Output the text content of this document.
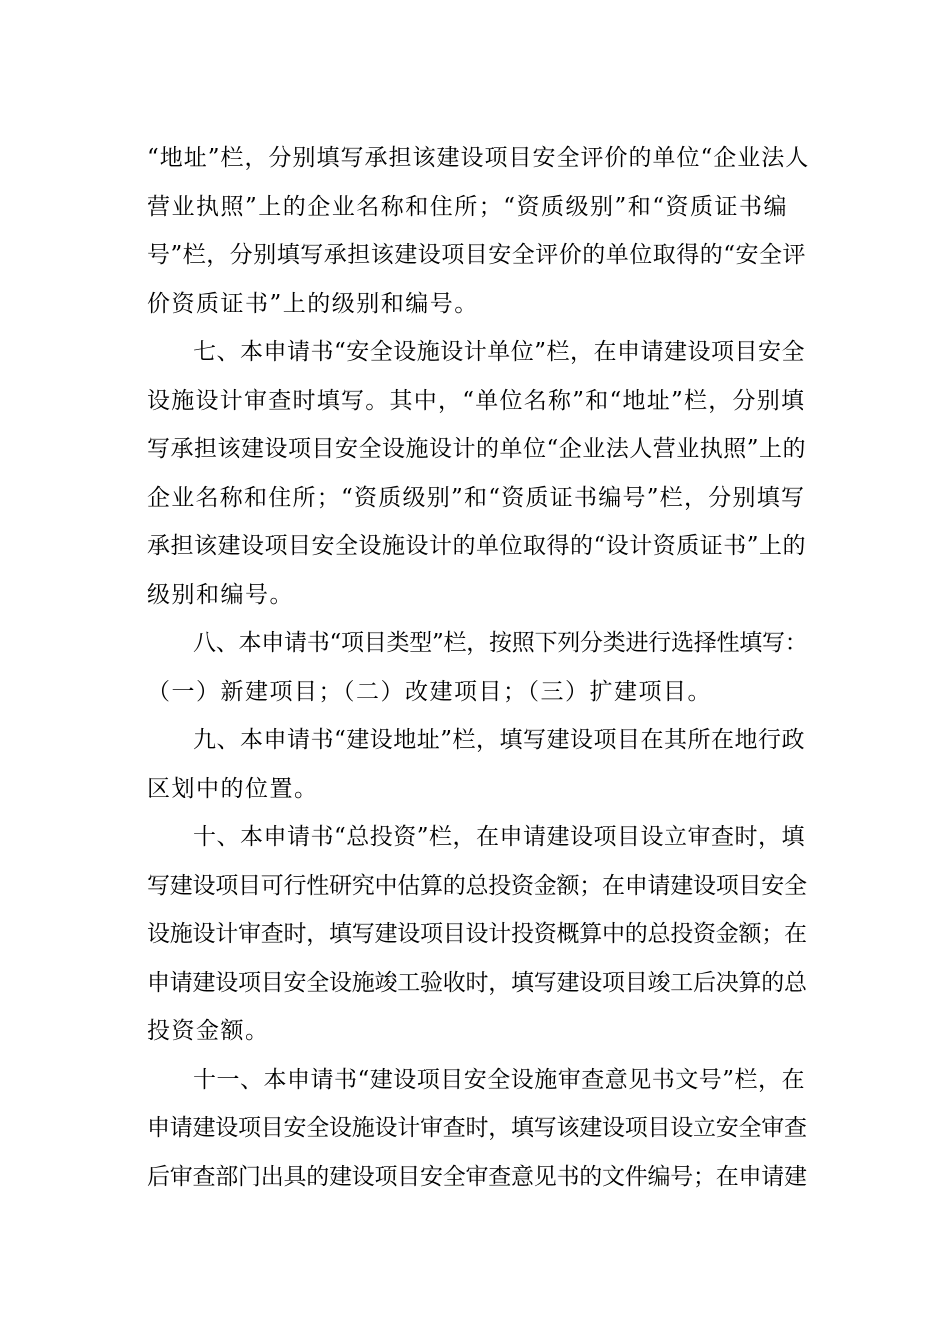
“地址”栏，分别填写承担该建设项目安全评价的单位“企业法人
营业执照”上的企业名称和住所；“资质级别”和“资质证书编
号”栏，分别填写承担该建设项目安全评价的单位取得的“安全评
价资质证书”上的级别和编号。
七、本申请书“安全设施设计单位”栏，在申请建设项目安全
设施设计审查时填写。其中，“单位名称”和“地址”栏，分别填
写承担该建设项目安全设施设计的单位“企业法人营业执照”上的
企业名称和住所；“资质级别”和“资质证书编号”栏，分别填写
承担该建设项目安全设施设计的单位取得的“设计资质证书”上的
级别和编号。
八、本申请书“项目类型”栏，按照下列分类进行选择性填写：
（一）新建项目；（二）改建项目；（三）扩建项目。
九、本申请书“建设地址”栏，填写建设项目在其所在地行政
区划中的位置。
十、本申请书“总投资”栏，在申请建设项目设立审查时，填
写建设项目可行性研究中估算的总投资金额；在申请建设项目安全
设施设计审查时，填写建设项目设计投资概算中的总投资金额；在
申请建设项目安全设施竣工验收时，填写建设项目竣工后决算的总
投资金额。
十一、本申请书“建设项目安全设施审查意见书文号”栏，在
申请建设项目安全设施设计审查时，填写该建设项目设立安全审查
后审查部门出具的建设项目安全审查意见书的文件编号；在申请建
